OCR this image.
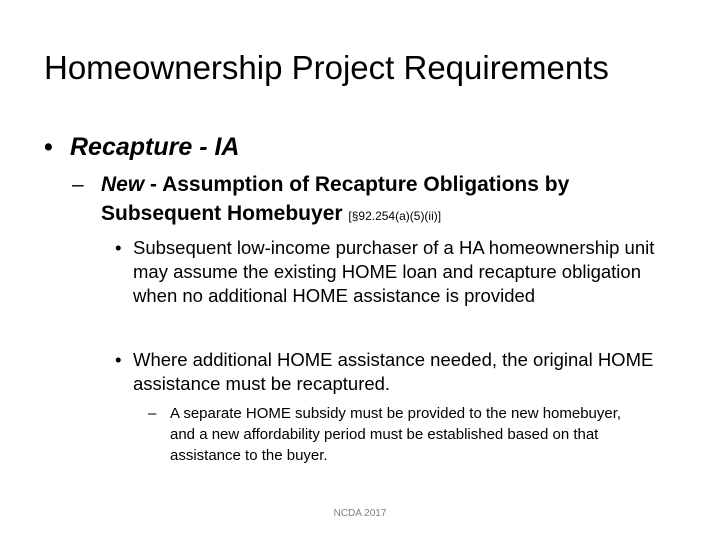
Homeownership Project Requirements
• Recapture - IA
– New - Assumption of Recapture Obligations by Subsequent Homebuyer [§92.254(a)(5)(ii)]
• Subsequent low-income purchaser of a HA homeownership unit may assume the existing HOME loan and recapture obligation when no additional HOME assistance is provided
• Where additional HOME assistance needed, the original HOME assistance must be recaptured.
– A separate HOME subsidy must be provided to the new homebuyer, and a new affordability period must be established based on that assistance to the buyer.
NCDA 2017
